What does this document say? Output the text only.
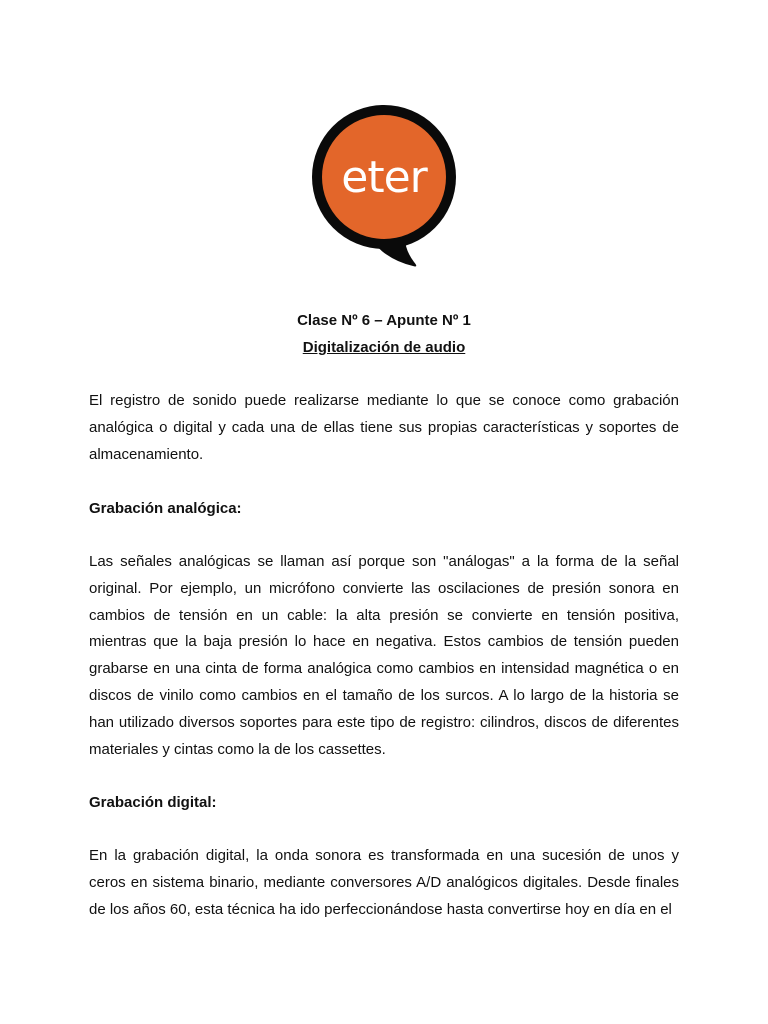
eter
Clase Nº 6 – Apunte Nº 1
Digitalización de audio
El registro de sonido puede realizarse mediante lo que se conoce como grabación analógica o digital y cada una de ellas tiene sus propias características y soportes de almacenamiento.
Grabación analógica:
Las señales analógicas se llaman así porque son "análogas" a la forma de la señal original. Por ejemplo, un micrófono convierte las oscilaciones de presión sonora en cambios de tensión en un cable: la alta presión se convierte en tensión positiva, mientras que la baja presión lo hace en negativa. Estos cambios de tensión pueden grabarse en una cinta de forma analógica como cambios en intensidad magnética o en discos de vinilo como cambios en el tamaño de los surcos. A lo largo de la historia se han utilizado diversos soportes para este tipo de registro: cilindros, discos de diferentes materiales y cintas como la de los cassettes.
Grabación digital:
En la grabación digital, la onda sonora es transformada en una sucesión de unos y ceros en sistema binario, mediante conversores A/D analógicos digitales. Desde finales de los años 60, esta técnica ha ido perfeccionándose hasta convertirse hoy en día en el
